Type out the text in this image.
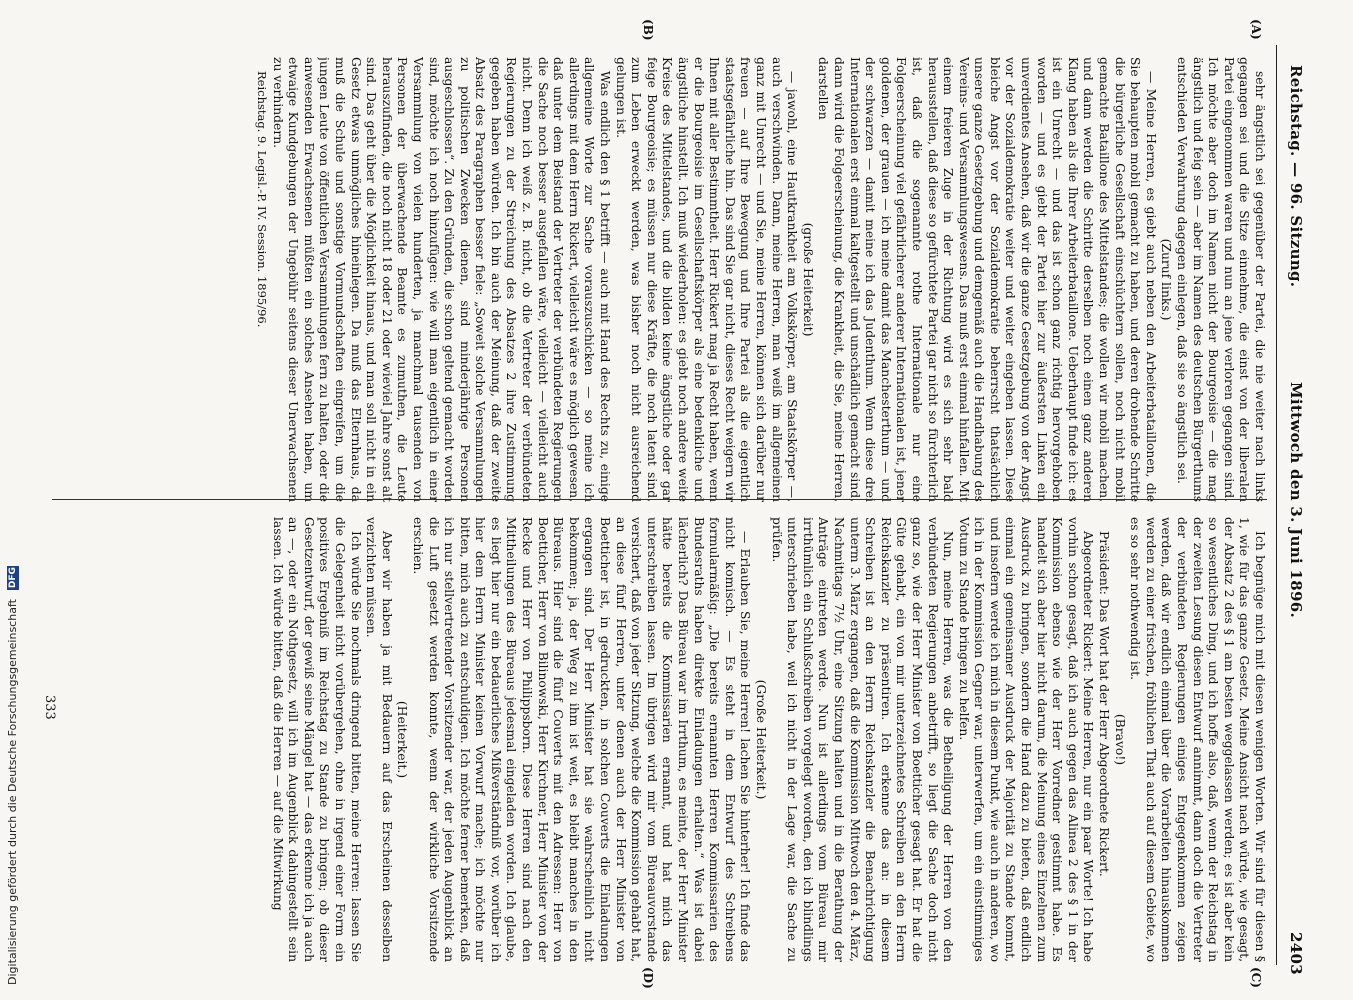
Reichstag. — 96. Sitzung.
Mittwoch den 3. Juni 1896.
2403
(A)
(B)
(C)
(D)

sehr ängstlich sei gegenüber der Partei, die nie weiter nach links gegangen sei und die Sitze einnehme, die einst von der liberalen Partei eingenommen waren und nun an jene verloren gegangen sind. Ich möchte aber doch im Namen nicht der Bourgeoisie — die mag ängstlich und feig sein — aber im Namen des deutschen Bürgerthums entschieden Verwahrung dagegen einlegen, daß sie so ängstlich sei.

(Zuruf links.)

— Meine Herren, es giebt auch neben den Arbeiterbataillonen, die Sie behaupten mobil gemacht zu haben, und deren drohende Schritte die bürgerliche Gesellschaft einschüchtern sollen, noch nicht mobil gemachte Bataillone des Mittelstandes; die wollen wir mobil machen, und dann werden die Schritte derselben noch einen ganz anderen Klang haben als die Ihrer Arbeiterbataillone. Ueberhaupt finde ich: es ist ein Unrecht — und das ist schon ganz richtig hervorgehoben worden — und es giebt der Partei hier zur äußersten Linken ein unverdientes Ansehen, daß wir die ganze Gesetzgebung von der Angst vor der Sozialdemokratie weiter und weiter eingeben lassen. Diese bleiche Angst vor der Sozialdemokratie beherrscht thatsächlich unsere ganze Gesetzgebung und demgemäß auch die Handhabung des Vereins- und Versammlungswesens. Das muß erst einmal hinfallen. Mit einem freieren Zuge in der Richtung wird es sich sehr bald herausstellen, daß diese so gefürchtete Partei gar nicht so fürchterlich ist, daß die sogenannte rothe Internationale nur eine Folgeerscheinung viel gefährlicherer anderer Internationalen ist, jener goldenen, der grauen — ich meine damit das Manchesterthum — und der schwarzen — damit meine ich das Judenthum. Wenn diese drei Internationalen erst einmal kaltgestellt und unschädlich gemacht sind, dann wird die Folgeerscheinung, die Krankheit, die Sie, meine Herren, darstellen

(große Heiterkeit)

— jawohl, eine Hautkrankheit am Volkskörper, am Staatskörper —, auch verschwinden. Dann, meine Herren, man weiß im allgemeinen ganz mit Unrecht — und Sie, meine Herren, können sich darüber nur freuen — auf Ihre Bewegung und Ihre Partei als die eigentlich staatsgefährliche hin. Das sind Sie gar nicht, dieses Recht weigern wir Ihnen mit aller Bestimmtheit. Herr Rickert mag ja Recht haben, wenn er die Bourgeoisie im Gesellschaftskörper als eine bedenkliche und ängstliche hinstellt. Ich muß wiederholen: es giebt noch andere weite Kreise des Mittelstandes, und die bilden keine ängstliche oder gar feige Bourgeoisie; es müssen nur diese Kräfte, die noch latent sind, zum Leben erweckt werden, was bisher noch nicht ausreichend gelungen ist.

Was endlich den § 1 betrifft — auch mit Hand des Rechts zu, einige allgemeine Worte zur Sache vorauszuschicken — so meine ich allerdings mit dem Herrn Rickert, vielleicht wäre es möglich gewesen, daß unter dem Beistand der Vertreter der verbündeten Regierungen die Sache noch besser ausgefallen wäre, vielleicht — vielleicht auch nicht. Denn ich weiß z. B. nicht, ob die Vertreter der verbündeten Regierungen zu der Streichung des Absatzes 2 ihre Zustimmung gegeben haben würden. Ich bin auch der Meinung, daß der zweite Absatz des Paragraphen besser fiele: „Soweit solche Versammlungen zu politischen Zwecken dienen, sind minderjährige Personen ausgeschlossen“. Zu den Gründen, die schon geltend gemacht worden sind, möchte ich noch hinzufügen: wie will man eigentlich in einer Versammlung von vielen hunderten, ja manchmal tausenden von Personen der überwachende Beamte es zumuthen, die Leute herauszufinden, die noch nicht 18 oder 21 oder wieviel Jahre sonst alt sind. Das geht über die Möglichkeit hinaus, und man soll nicht in ein Gesetz etwas unmögliches hineinlegen. Da muß das Elternhaus, da muß die Schule und sonstige Vormundschaften eingreifen, um die jungen Leute von öffentlichen Versammlungen fern zu halten, oder die anwesenden Erwachsenen müßten ein solches Ansehen haben, um etwaige Kundgebungen der Ungebühr seitens dieser Unerwachsenen zu verhindern.

Reichstag. 9. Legisl.-P. IV. Session. 1895/96.

Ich begnüge mich mit diesen wenigen Worten. Wir sind für diesen § 1, wie für das ganze Gesetz. Meine Ansicht nach würde, wie gesagt, der Absatz 2 des § 1 am besten weggelassen werden; es ist aber kein so wesentliches Ding, und ich hoffe also, daß, wenn der Reichstag in der zweiten Lesung diesen Entwurf annimmt, dann doch die Vertreter der verbündeten Regierungen einiges Entgegenkommen zeigen werden, daß wir endlich einmal über die Vorarbeiten hinauskommen werden zu einer frischen, fröhlichen That auch auf diesem Gebiete, wo es so sehr nothwendig ist.

(Bravo!)

Präsident: Das Wort hat der Herr Abgeordnete Rickert.

Abgeordneter Rickert: Meine Herren, nur ein paar Worte! Ich habe vorhin schon gesagt, daß ich auch gegen das Alinea 2 des § 1 in der Kommission ebenso wie der Herr Vorredner gestimmt habe. Es handelt sich aber hier nicht darum, die Meinung eines Einzelnen zum Ausdruck zu bringen, sondern die Hand dazu zu bieten, daß endlich einmal ein gemeinsamer Ausdruck der Majorität zu Stande kommt, und insofern werde ich mich in diesem Punkt, wie auch in anderen, wo ich in der Kommission Gegner war, unterwerfen, um ein einstimmiges Votum zu Stande bringen zu helfen.

Nun, meine Herren, was die Betheiligung der Herren von den verbündeten Regierungen anbetrifft, so liegt die Sache doch nicht ganz so, wie der Herr Minister von Boetticher gesagt hat. Er hat die Güte gehabt, ein von mir unterzeichnetes Schreiben an den Herrn Reichskanzler zu präsentiren. Ich erkenne das an: in diesem Schreiben ist an den Herrn Reichskanzler die Benachrichtigung unterm 3. März ergangen, daß die Kommission Mittwoch den 4. März, Nachmittags 7½ Uhr, eine Sitzung halten und in die Berathung der Anträge eintreten werde. Nun ist allerdings vom Büreau mir irrthümlich ein Schlußschreiben vorgelegt worden, den ich blindlings unterschrieben habe, weil ich nicht in der Lage war, die Sache zu prüfen.

(Große Heiterkeit.)

— Erlauben Sie, meine Herren! lachen Sie hinterher! Ich finde das nicht komisch. — Es steht in dem Entwurf des Schreibens formularmäßig: „Die bereits ernannten Herren Kommissarien des Bundesraths haben direkte Einladungen erhalten.“ Was ist dabei lächerlich? Das Büreau war im Irrthum, es meinte, der Herr Minister hätte bereits die Kommissarien ernannt, und hat mich das unterschreiben lassen. Im übrigen wird mir vom Büreauvorstande versichert, daß von jeder Sitzung, welche die Kommission gehabt hat, an diese fünf Herren, unter denen auch der Herr Minister von Boetticher ist, in gedruckten, in solchen Couverts die Einladungen ergangen sind. Der Herr Minister hat sie wahrscheinlich nicht bekommen; ja, der Weg zu ihm ist weit, es bleibt manches in den Büreaus. Hier sind die fünf Couverts mit den Adressen: Herr von Boetticher, Herr von Bilinowski, Herr Kirchner, Herr Minister von der Recke und Herr von Philippsborn. Diese Herren sind nach den Mittheilungen des Büreaus jedesmal eingeladen worden. Ich glaube, es liegt hier nur ein bedauerliches Mißverständniß vor, worüber ich hier dem Herrn Minister keinen Vorwurf mache; ich möchte nur bitten, mich auch zu entschuldigen. Ich möchte ferner bemerken, daß ich nur stellvertretender Vorsitzender war, der jeden Augenblick an die Luft gesetzt werden konnte, wenn der wirkliche Vorsitzende erschien.

(Heiterkeit.)

Aber wir haben ja mit Bedauern auf das Erscheinen desselben verzichten müssen.

Ich würde Sie nochmals dringend bitten, meine Herren: lassen Sie die Gelegenheit nicht vorübergehen, ohne in irgend einer Form ein positives Ergebniß im Reichstag zu Stande zu bringen; ob dieser Gesetzentwurf, der gewiß seine Mängel hat — das erkenne ich ja auch an —, oder ein Nothgesetz, will ich im Augenblick dahingestellt sein lassen. Ich würde bitten, daß die Herren — auf die Mitwirkung

333
Digitalisierung gefördert durch die Deutsche Forschungsgemeinschaft DFG
